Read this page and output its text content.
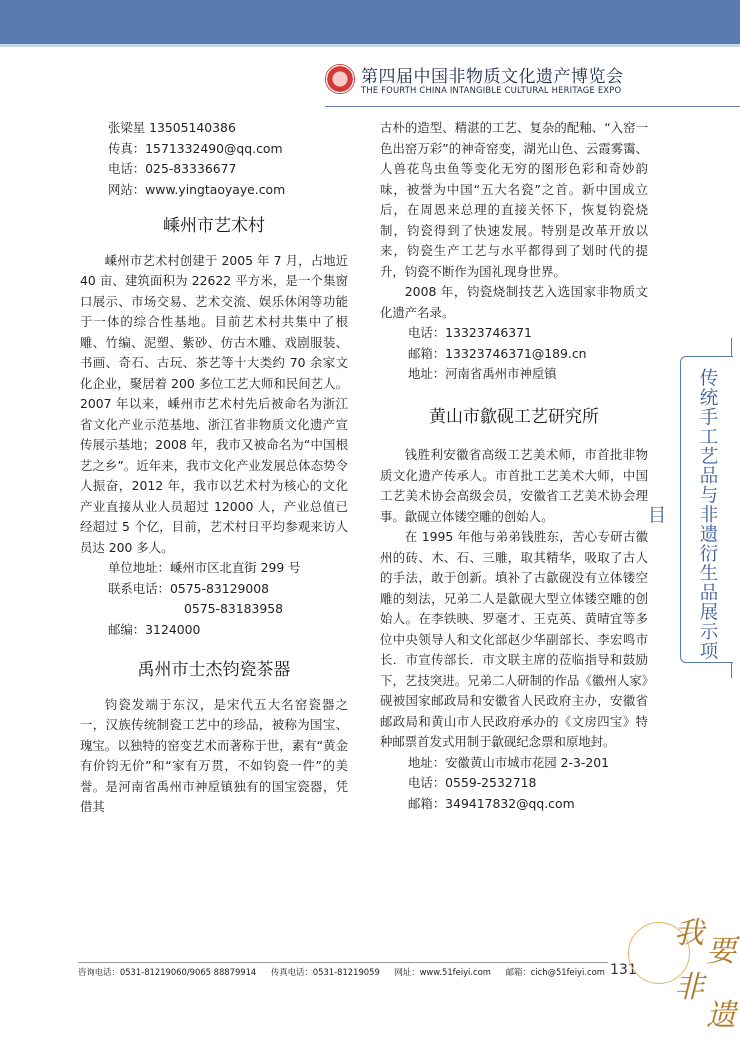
第四届中国非物质文化遗产博览会
THE FOURTH CHINA INTANGIBLE CULTURAL HERITAGE EXPO
张梁星 13505140386
传真：1571332490@qq.com
电话：025-83336677
网站：www.yingtaoyaye.com
嵊州市艺术村

嵊州市艺术村创建于 2005 年 7 月，占地近 40 亩、建筑面积为 22622 平方米，是一个集窗口展示、市场交易、艺术交流、娱乐休闲等功能于一体的综合性基地。目前艺术村共集中了根雕、竹编、泥塑、紫砂、仿古木雕、戏剧服装、书画、奇石、古玩、茶艺等十大类约 70 余家文化企业，聚居着 200 多位工艺大师和民间艺人。2007 年以来，嵊州市艺术村先后被命名为浙江省文化产业示范基地、浙江省非物质文化遗产宣传展示基地；2008 年，我市又被命名为“中国根艺之乡”。近年来，我市文化产业发展总体态势令人振奋，2012 年，我市以艺术村为核心的文化产业直接从业人员超过 12000 人，产业总值已经超过 5 个亿，目前，艺术村日平均参观来访人员达 200 多人。

单位地址：嵊州市区北直街 299 号
联系电话：0575-83129008
0575-83183958
邮编：3124000
禹州市士杰钧瓷茶器

钧瓷发端于东汉，是宋代五大名窑瓷器之一，汉族传统制瓷工艺中的珍品，被称为国宝、瑰宝。以独特的窑变艺术而著称于世，素有“黄金有价钧无价”和“家有万贯，不如钧瓷一件”的美誉。是河南省禹州市神垕镇独有的国宝瓷器，凭借其

古朴的造型、精湛的工艺、复杂的配釉、“入窑一色出窑万彩”的神奇窑变，湖光山色、云霞雾霭、人兽花鸟虫鱼等变化无穷的图形色彩和奇妙韵味，被誉为中国“五大名瓷”之首。新中国成立后，在周恩来总理的直接关怀下，恢复钧瓷烧制，钧瓷得到了快速发展。特别是改革开放以来，钧瓷生产工艺与水平都得到了划时代的提升，钧瓷不断作为国礼现身世界。

2008 年，钧瓷烧制技艺入选国家非物质文化遗产名录。

电话：13323746371
邮箱：13323746371@189.cn
地址：河南省禹州市神垕镇
黄山市歙砚工艺研究所

钱胜利安徽省高级工艺美术师，市首批非物质文化遗产传承人。市首批工艺美术大师，中国工艺美术协会高级会员，安徽省工艺美术协会理事。歙砚立体镂空雕的创始人。

在 1995 年他与弟弟钱胜东，苦心专研古徽州的砖、木、石、三雕，取其精华，吸取了古人的手法，敢于创新。填补了古歙砚没有立体镂空雕的刻法，兄弟二人是歙砚大型立体镂空雕的创始人。在李铁映、罗毫才、王克英、黄晴宜等多位中央领导人和文化部赵少华副部长、李宏鸣市长．市宣传部长．市文联主席的莅临指导和鼓励下，艺技突进。兄弟二人研制的作品《徽州人家》砚被国家邮政局和安徽省人民政府主办，安徽省邮政局和黄山市人民政府承办的《文房四宝》特种邮票首发式用制于歙砚纪念票和原地封。

地址：安徽黄山市城市花园 2-3-201
电话：0559-2532718
邮箱：349417832@qq.com
传统手工艺品与非遗衍生品展示项目
咨询电话：0531-81219060/9065 88879914 传真电话：0531-81219059 网址：www.51feiyi.com 邮箱：cich@51feiyi.com 131
我
要
非
遗
